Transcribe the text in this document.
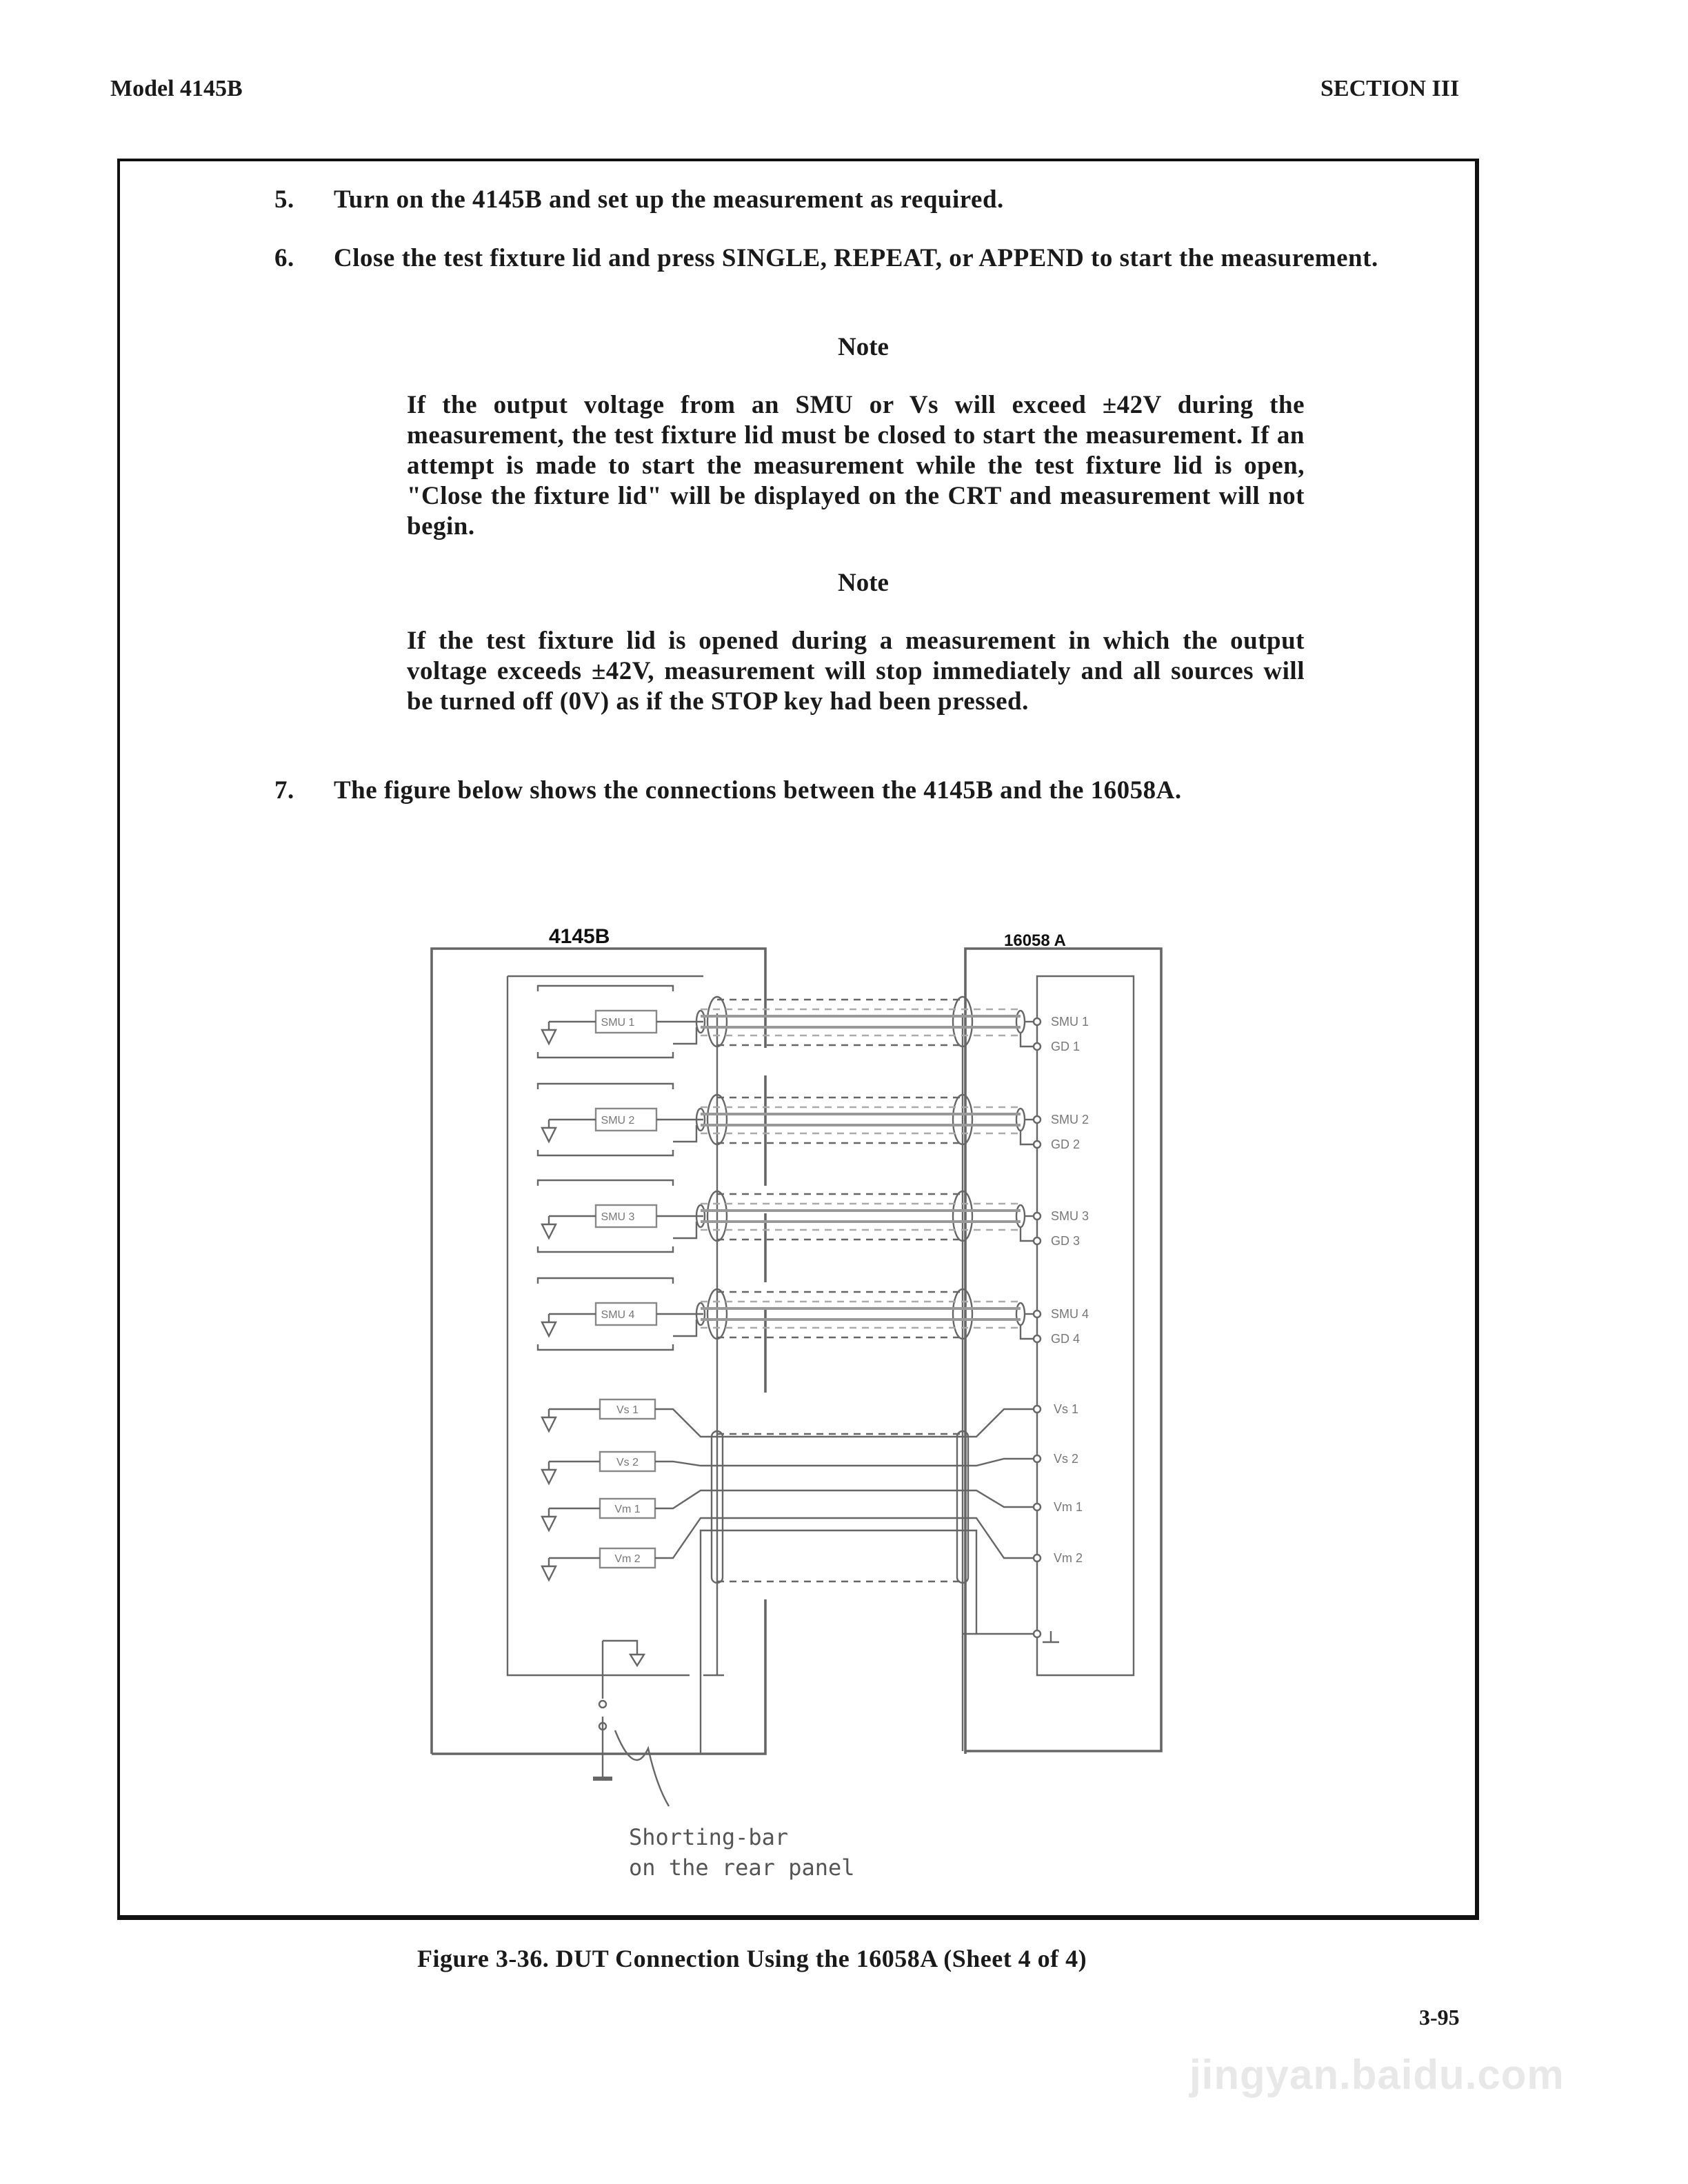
Model 4145B	SECTION III
5.	Turn on the 4145B and set up the measurement as required.
6.	Close the test fixture lid and press SINGLE, REPEAT, or APPEND to start the measurement.
Note
If the output voltage from an SMU or Vs will exceed ±42V during the measurement, the test fixture lid must be closed to start the measurement. If an attempt is made to start the measurement while the test fixture lid is open, "Close the fixture lid" will be displayed on the CRT and measurement will not begin.
Note
If the test fixture lid is opened during a measurement in which the output voltage exceeds ±42V, measurement will stop immediately and all sources will be turned off (0V) as if the STOP key had been pressed.
7.	The figure below shows the connections between the 4145B and the 16058A.
4145B	16058 A
Shorting-bar
on the rear panel
SMU 1	SMU 1
GD 1
SMU 2	SMU 2
GD 2
SMU 3	SMU 3
GD 3
SMU 4	SMU 4
GD 4
Vs 1	Vs 1
Vs 2	Vs 2
Vm 1	Vm 1
Vm 2	Vm 2
Figure 3-36. DUT Connection Using the 16058A (Sheet 4 of 4)
3-95
jingyan.baidu.com
